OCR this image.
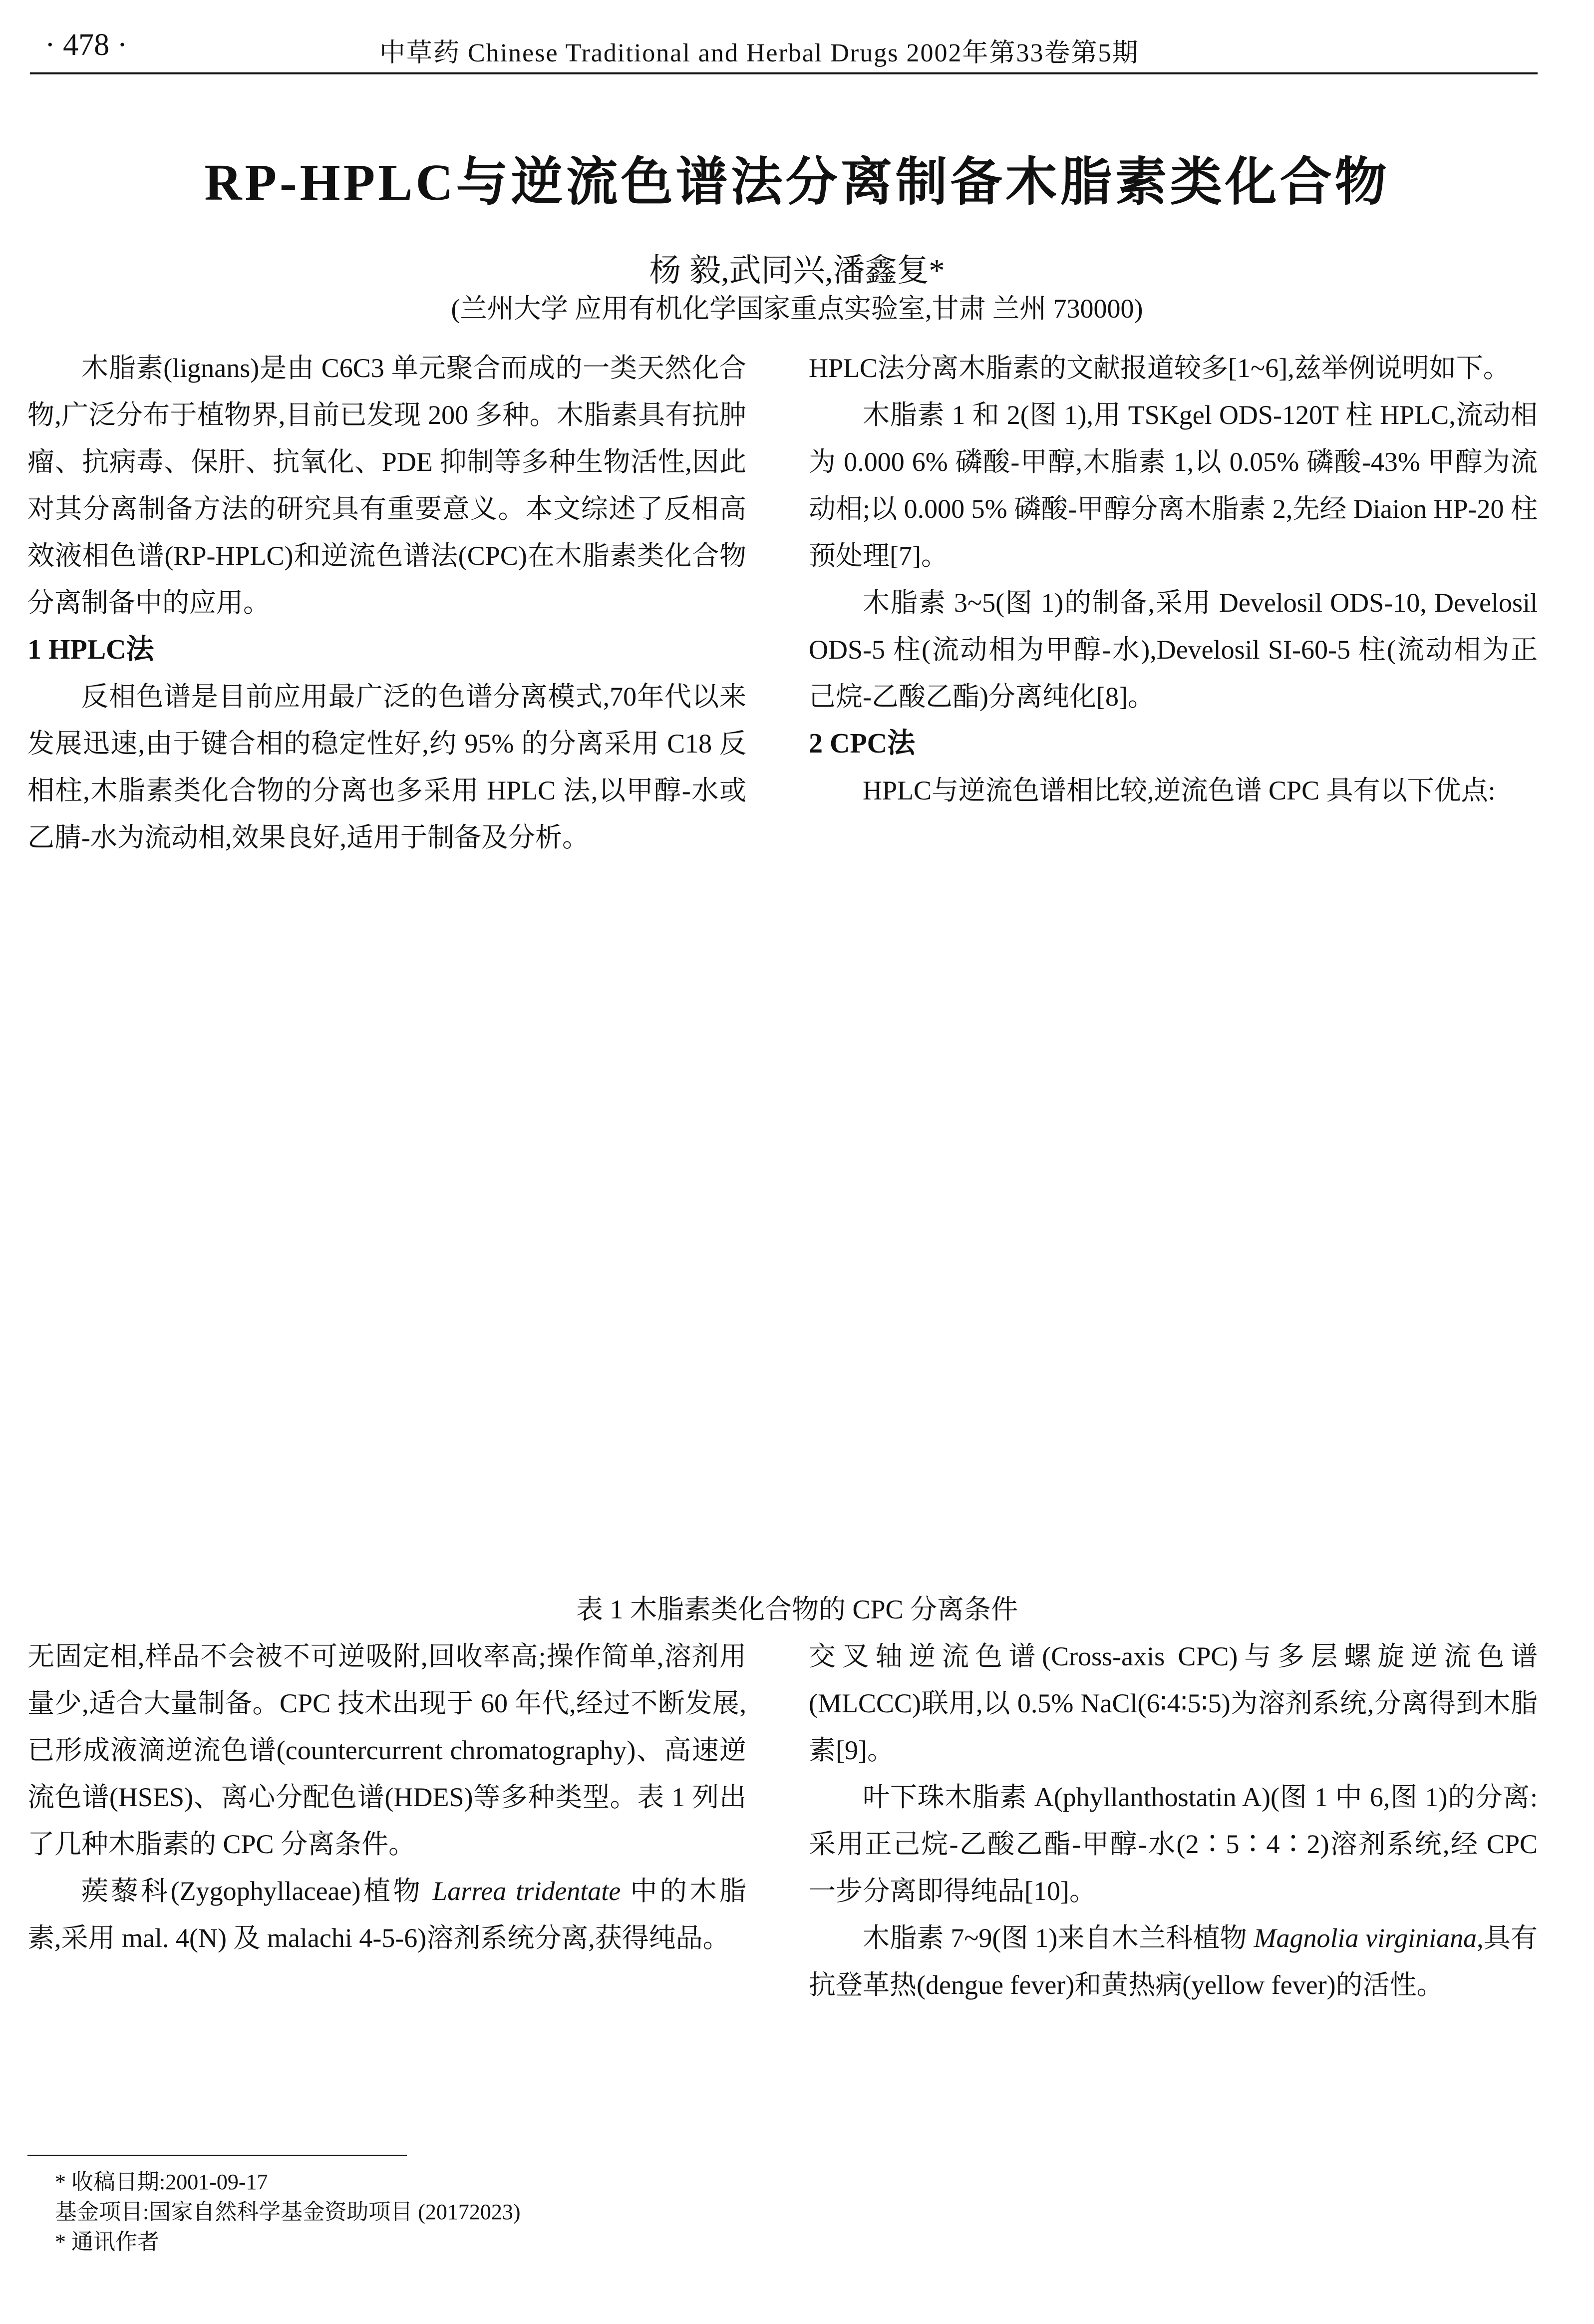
· 478 ·	中草药 Chinese Traditional and Herbal Drugs 2002年第33卷第5期
RP-HPLC与逆流色谱法分离制备木脂素类化合物
杨 毅,武同兴,潘鑫复*
(兰州大学 应用有机化学国家重点实验室,甘肃 兰州 730000)

木脂素(lignans)是由 C6C3 单元聚合而成的一类天然化合物,广泛分布于植物界,目前已发现 200 多种。木脂素具有抗肿瘤、抗病毒、保肝、抗氧化、PDE 抑制等多种生物活性,因此对其分离制备方法的研究具有重要意义。本文综述了反相高效液相色谱(RP-HPLC)和逆流色谱法(CPC)在木脂素类化合物分离制备中的应用。

1 HPLC法

反相色谱是目前应用最广泛的色谱分离模式,70年代以来发展迅速,由于键合相的稳定性好,约 95% 的分离采用 C18 反相柱,木脂素类化合物的分离也多采用 HPLC 法,以甲醇-水或乙腈-水为流动相,效果良好,适用于制备及分析。

HPLC法分离木脂素的文献报道较多[1~6],兹举例说明如下。

木脂素 1 和 2(图 1),用 TSKgel ODS-120T 柱 HPLC,流动相为 0.000 6% 磷酸-甲醇,木脂素 1,以 0.05% 磷酸-43% 甲醇为流动相;以 0.000 5% 磷酸-甲醇分离木脂素 2,先经 Diaion HP-20 柱预处理[7]。

木脂素 3~5(图 1)的制备,采用 Develosil ODS-10, Develosil ODS-5 柱(流动相为甲醇-水),Develosil SI-60-5 柱(流动相为正己烷-乙酸乙酯)分离纯化[8]。

2 CPC法

HPLC与逆流色谱相比较,逆流色谱 CPC 具有以下优点:

表 1 木脂素类化合物的 CPC 分离条件

无固定相,样品不会被不可逆吸附,回收率高;操作简单,溶剂用量少,适合大量制备。CPC 技术出现于 60 年代,经过不断发展,已形成液滴逆流色谱(countercurrent chromatography)、高速逆流色谱(HSES)、离心分配色谱(HDES)等多种类型。表 1 列出了几种木脂素的 CPC 分离条件。

蒺藜科(Zygophyllaceae)植物 Larrea tridentate 中的木脂素,采用 mal. 4(N) 及 malachi 4-5-6)溶剂系统分离,获得纯品。

交叉轴逆流色谱(Cross-axis CPC)与多层螺旋逆流色谱(MLCCC)联用,以 0.5% NaCl(6∶4∶5∶5)为溶剂系统,分离得到木脂素[9]。

叶下珠木脂素 A(phyllanthostatin A)(图 1 中 6,图 1)的分离:采用正己烷-乙酸乙酯-甲醇-水(2∶5∶4∶2)溶剂系统,经 CPC 一步分离即得纯品[10]。

木脂素 7~9(图 1)来自木兰科植物 Magnolia virginiana,具有抗登革热(dengue fever)和黄热病(yellow fever)的活性。

* 收稿日期:2001-09-17
基金项目:国家自然科学基金资助项目 (20172023)
* 通讯作者
